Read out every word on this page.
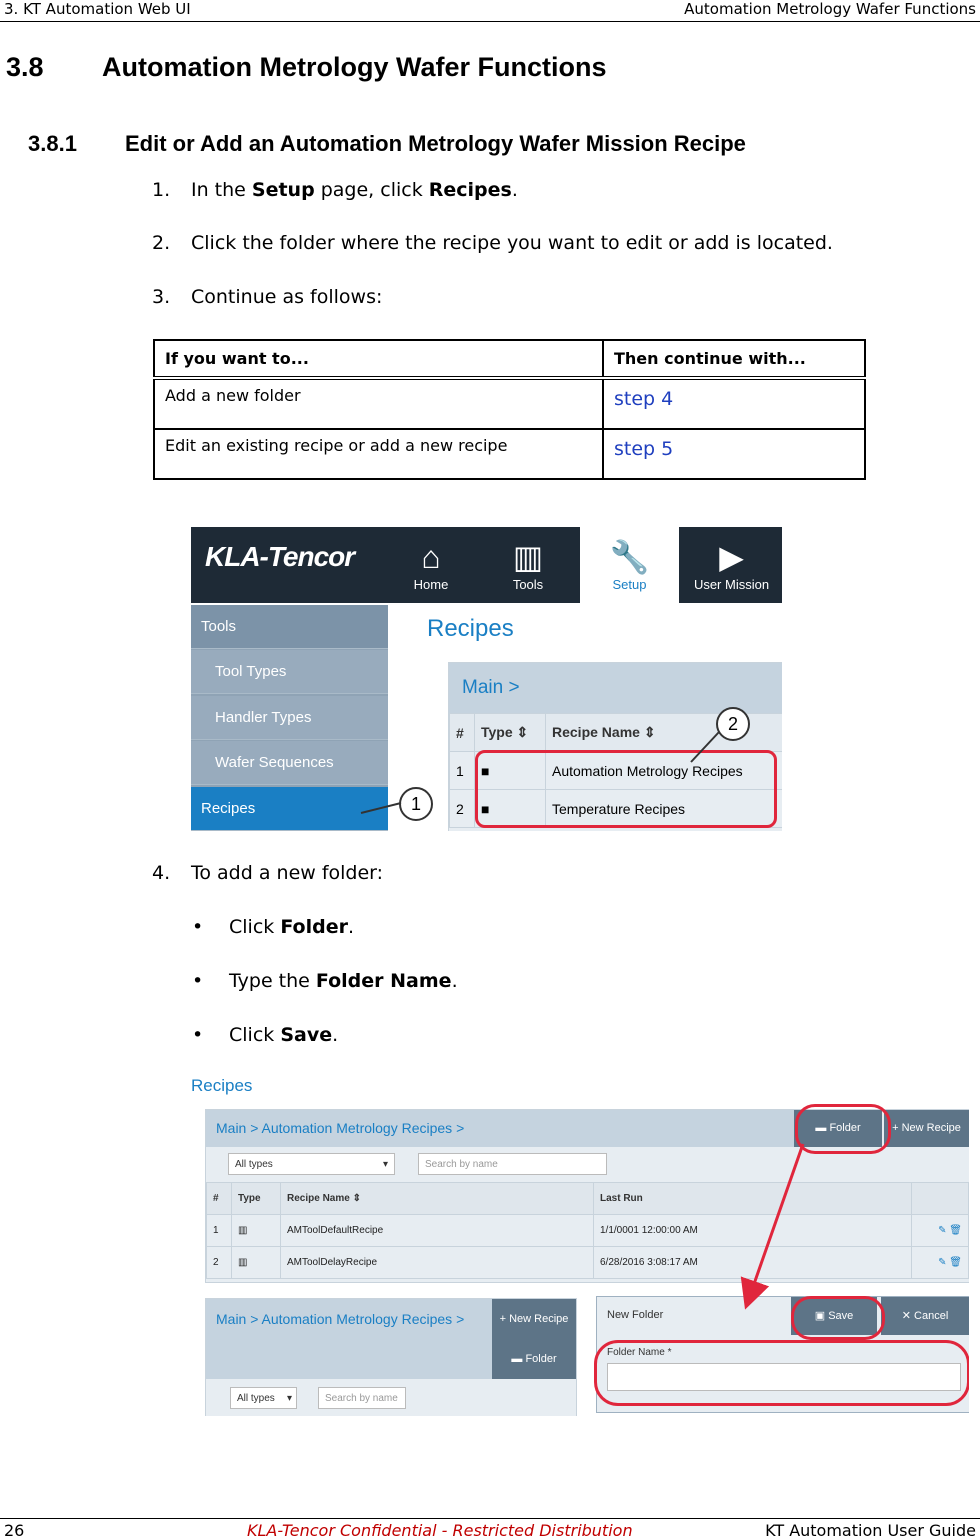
3. KT Automation Web UI	Automation Metrology Wafer Functions
3.8 Automation Metrology Wafer Functions
3.8.1 Edit or Add an Automation Metrology Wafer Mission Recipe
1. In the Setup page, click Recipes.
2. Click the folder where the recipe you want to edit or add is located.
3. Continue as follows:
If you want to...	Then continue with...
Add a new folder	step 4
Edit an existing recipe or add a new recipe	step 5
KLA-Tencor	⌂
Home
▥
Tools
🔧
Setup
▶
User Mission
Tools
Tool Types
Handler Types
Wafer Sequences
Recipes
Recipes
Main >
#	Type ⇕	Recipe Name ⇕
1	■	Automation Metrology Recipes
2	■	Temperature Recipes
1
2
4. To add a new folder:
• Click Folder.
• Type the Folder Name.
• Click Save.
Recipes
Main > Automation Metrology Recipes >	▬ Folder	+ New Recipe
All types	▾	Search by name
#	Type	Recipe Name ⇕	Last Run	
1	▥	AMToolDefaultRecipe	1/1/0001 12:00:00 AM	✎ 🗑
2	▥	AMToolDelayRecipe	6/28/2016 3:08:17 AM	✎ 🗑
Main > Automation Metrology Recipes >	+ New Recipe
▬ Folder
All types ▾	Search by name
New Folder	▣ Save	✕ Cancel
Folder Name *
26	KLA-Tencor Confidential - Restricted Distribution	KT Automation User Guide
